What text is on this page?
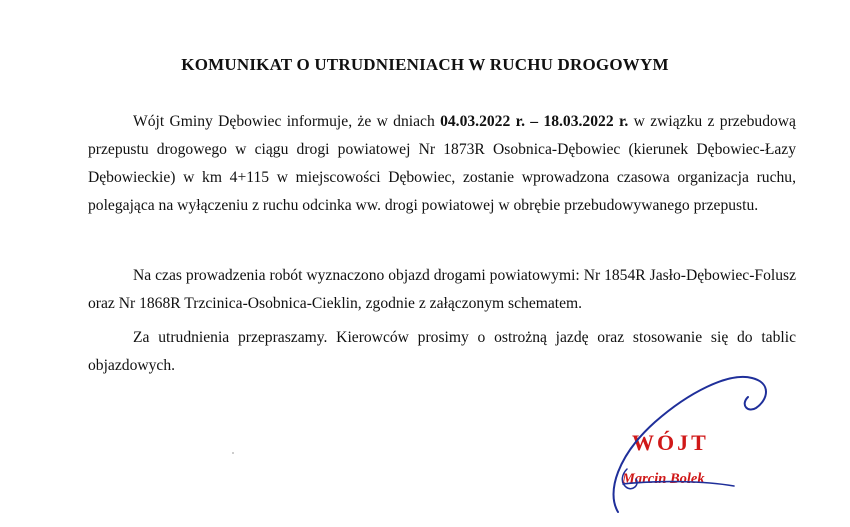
KOMUNIKAT O UTRUDNIENIACH W RUCHU DROGOWYM

Wójt Gminy Dębowiec informuje, że w dniach 04.03.2022 r. – 18.03.2022 r. w związku z przebudową przepustu drogowego w ciągu drogi powiatowej Nr 1873R Osobnica-Dębowiec (kierunek Dębowiec-Łazy Dębowieckie) w km 4+115 w miejscowości Dębowiec, zostanie wprowadzona czasowa organizacja ruchu, polegająca na wyłączeniu z ruchu odcinka ww. drogi powiatowej w obrębie przebudowywanego przepustu.

Na czas prowadzenia robót wyznaczono objazd drogami powiatowymi: Nr 1854R Jasło-Dębowiec-Folusz oraz Nr 1868R Trzcinica-Osobnica-Cieklin, zgodnie z załączonym schematem.

Za utrudnienia przepraszamy. Kierowców prosimy o ostrożną jazdę oraz stosowanie się do tablic objazdowych.

WÓJT
Marcin Bolek
